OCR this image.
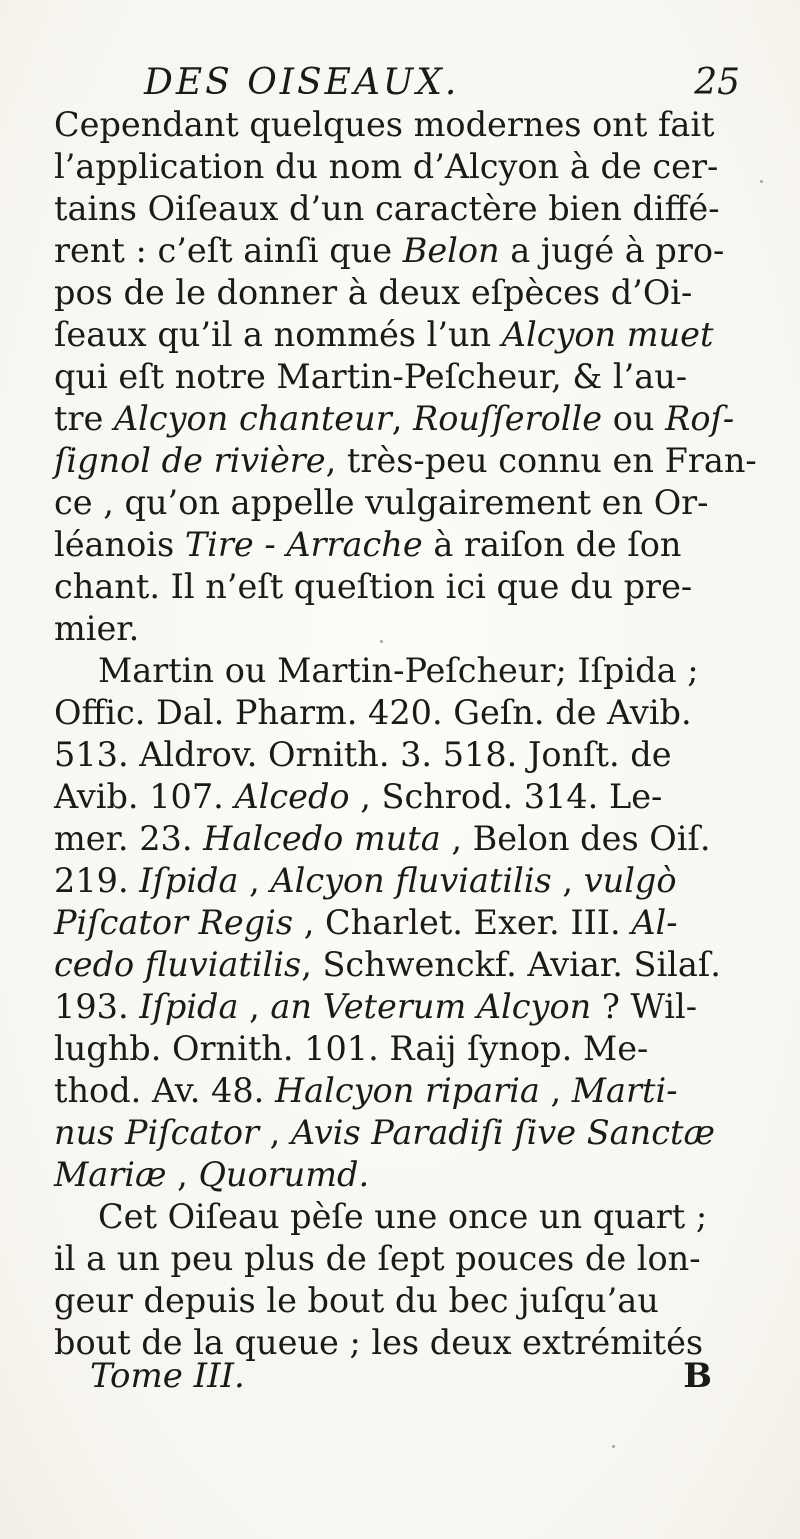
DES OISEAUX.	25
Cependant quelques modernes ont fait
l’application du nom d’Alcyon à de cer-
tains Oiſeaux d’un caractère bien diffé-
rent : c’eſt ainſi que Belon a jugé à pro-
pos de le donner à deux eſpèces d’Oi-
ſeaux qu’il a nommés l’un Alcyon muet
qui eſt notre Martin-Peſcheur, & l’au-
tre Alcyon chanteur, Rouſſerolle ou Roſ-
ſignol de rivière, très-peu connu en Fran-
ce , qu’on appelle vulgairement en Or-
léanois Tire - Arrache à raiſon de ſon
chant. Il n’eſt queſtion ici que du pre-
mier.
Martin ou Martin-Peſcheur; Iſpida ;
Offic. Dal. Pharm. 420. Geſn. de Avib.
513. Aldrov. Ornith. 3. 518. Jonſt. de
Avib. 107. Alcedo , Schrod. 314. Le-
mer. 23. Halcedo muta , Belon des Oiſ.
219. Iſpida , Alcyon fluviatilis , vulgò
Piſcator Regis , Charlet. Exer. III. Al-
cedo fluviatilis, Schwenckf. Aviar. Silaſ.
193. Iſpida , an Veterum Alcyon ? Wil-
lughb. Ornith. 101. Raij ſynop. Me-
thod. Av. 48. Halcyon riparia , Marti-
nus Piſcator , Avis Paradiſi ſive Sanctæ
Mariæ , Quorumd.
Cet Oiſeau pèſe une once un quart ;
il a un peu plus de ſept pouces de lon-
geur depuis le bout du bec juſqu’au
bout de la queue ; les deux extrémités
Tome III.	B
